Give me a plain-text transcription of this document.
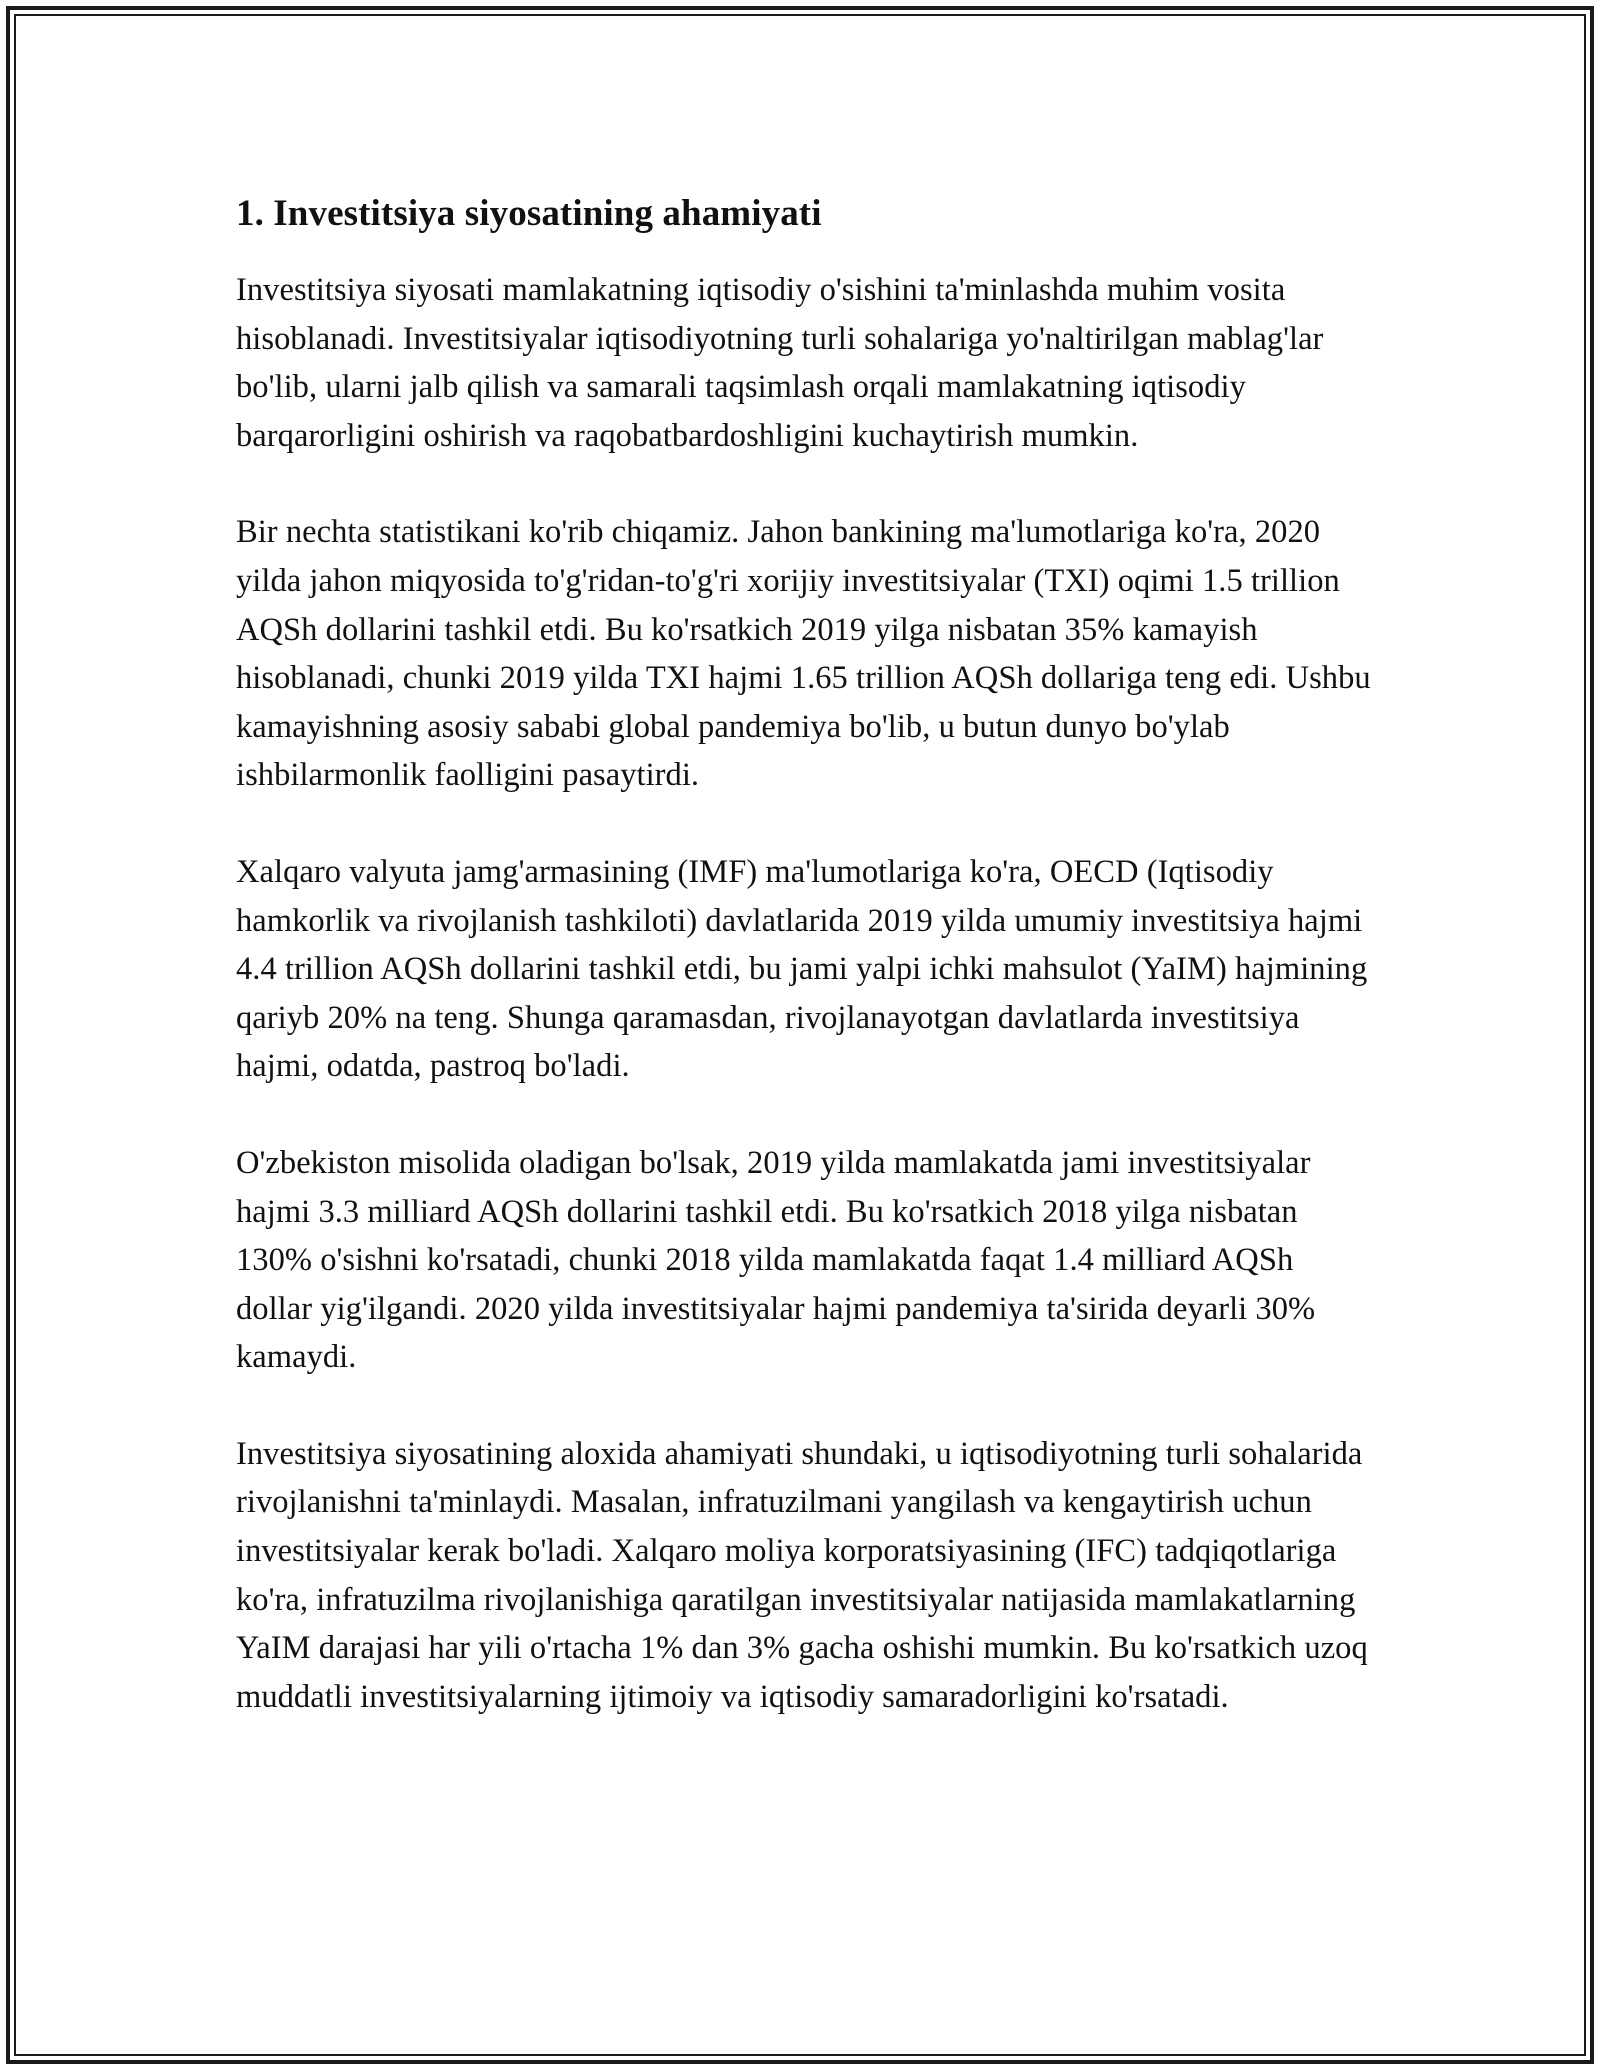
1. Investitsiya siyosatining ahamiyati

Investitsiya siyosati mamlakatning iqtisodiy o'sishini ta'minlashda muhim vosita hisoblanadi. Investitsiyalar iqtisodiyotning turli sohalariga yo'naltirilgan mablag'lar bo'lib, ularni jalb qilish va samarali taqsimlash orqali mamlakatning iqtisodiy barqarorligini oshirish va raqobatbardoshligini kuchaytirish mumkin.

Bir nechta statistikani ko'rib chiqamiz. Jahon bankining ma'lumotlariga ko'ra, 2020 yilda jahon miqyosida to'g'ridan-to'g'ri xorijiy investitsiyalar (TXI) oqimi 1.5 trillion AQSh dollarini tashkil etdi. Bu ko'rsatkich 2019 yilga nisbatan 35% kamayish hisoblanadi, chunki 2019 yilda TXI hajmi 1.65 trillion AQSh dollariga teng edi. Ushbu kamayishning asosiy sababi global pandemiya bo'lib, u butun dunyo bo'ylab ishbilarmonlik faolligini pasaytirdi.

Xalqaro valyuta jamg'armasining (IMF) ma'lumotlariga ko'ra, OECD (Iqtisodiy hamkorlik va rivojlanish tashkiloti) davlatlarida 2019 yilda umumiy investitsiya hajmi 4.4 trillion AQSh dollarini tashkil etdi, bu jami yalpi ichki mahsulot (YaIM) hajmining qariyb 20% na teng. Shunga qaramasdan, rivojlanayotgan davlatlarda investitsiya hajmi, odatda, pastroq bo'ladi.

O'zbekiston misolida oladigan bo'lsak, 2019 yilda mamlakatda jami investitsiyalar hajmi 3.3 milliard AQSh dollarini tashkil etdi. Bu ko'rsatkich 2018 yilga nisbatan 130% o'sishni ko'rsatadi, chunki 2018 yilda mamlakatda faqat 1.4 milliard AQSh dollar yig'ilgandi. 2020 yilda investitsiyalar hajmi pandemiya ta'sirida deyarli 30% kamaydi.

Investitsiya siyosatining aloxida ahamiyati shundaki, u iqtisodiyotning turli sohalarida rivojlanishni ta'minlaydi. Masalan, infratuzilmani yangilash va kengaytirish uchun investitsiyalar kerak bo'ladi. Xalqaro moliya korporatsiyasining (IFC) tadqiqotlariga ko'ra, infratuzilma rivojlanishiga qaratilgan investitsiyalar natijasida mamlakatlarning YaIM darajasi har yili o'rtacha 1% dan 3% gacha oshishi mumkin. Bu ko'rsatkich uzoq muddatli investitsiyalarning ijtimoiy va iqtisodiy samaradorligini ko'rsatadi.
